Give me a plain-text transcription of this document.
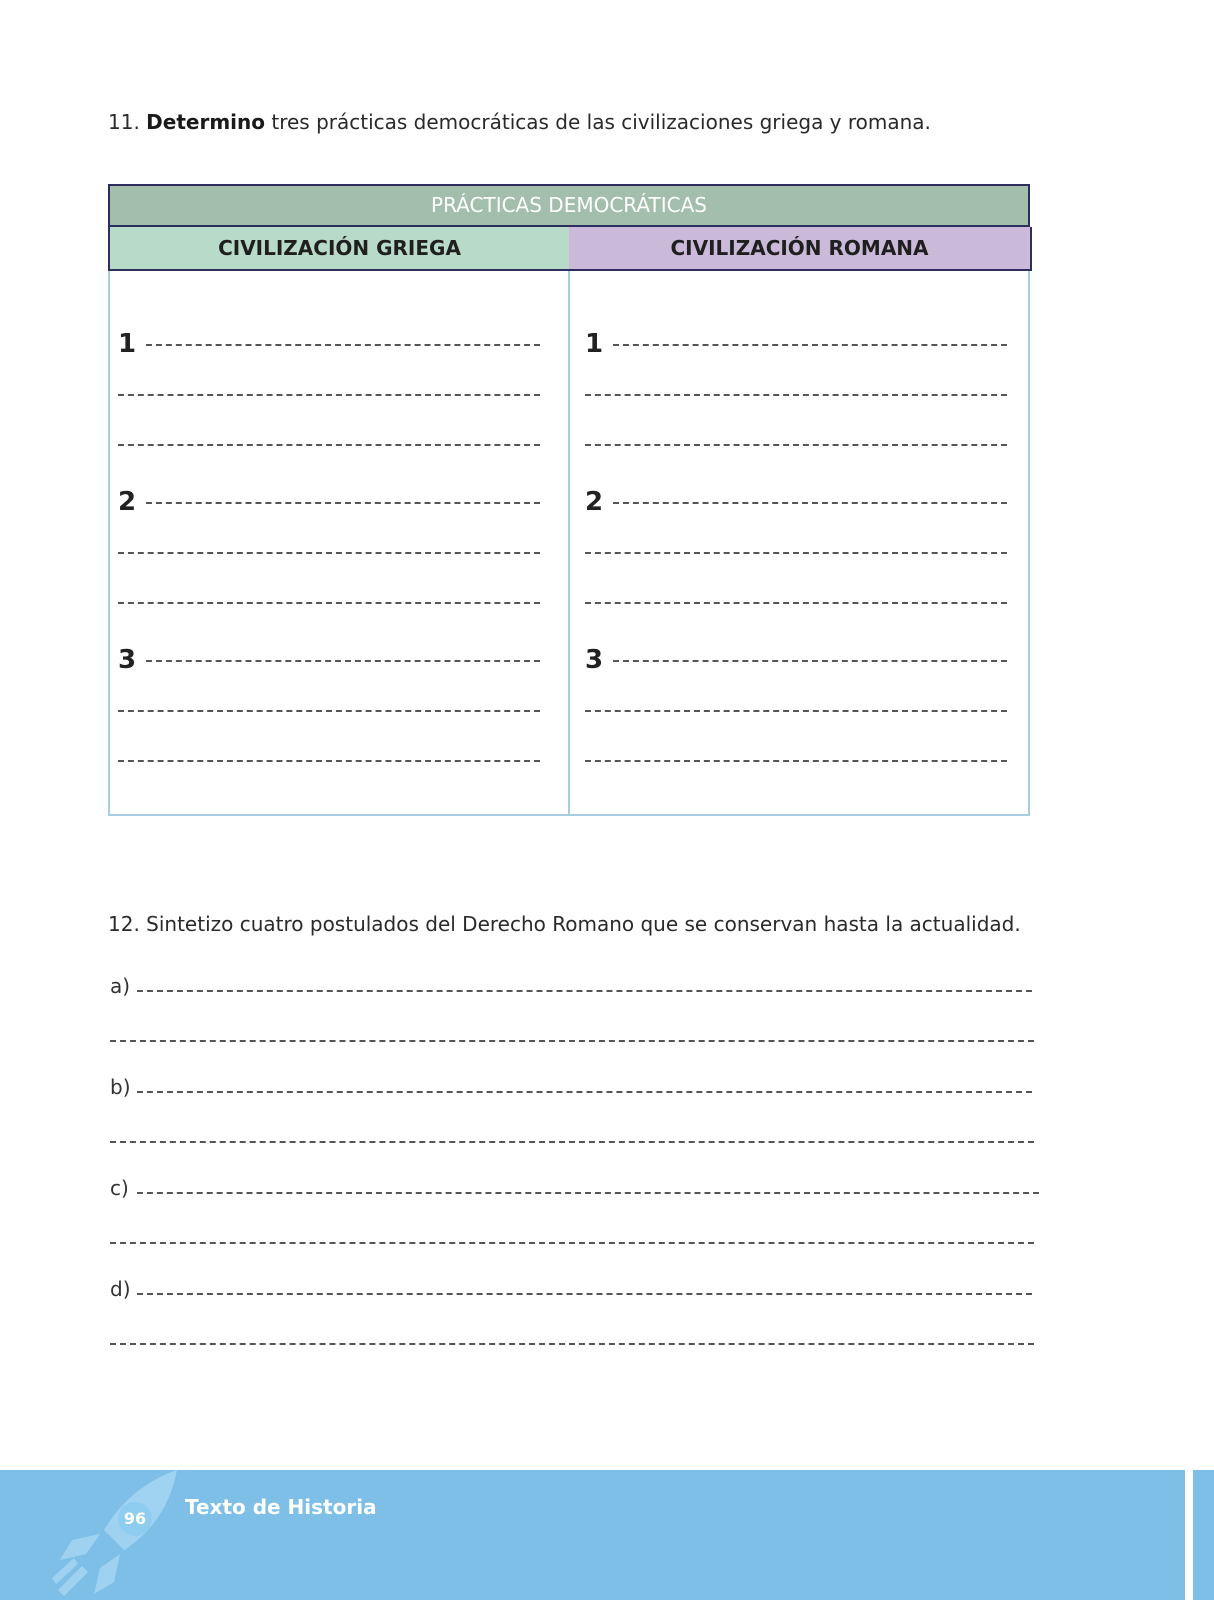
11. Determino tres prácticas democráticas de las civilizaciones griega y romana.
PRÁCTICAS DEMOCRÁTICAS
CIVILIZACIÓN GRIEGA	CIVILIZACIÓN ROMANA
1
2
3
1
2
3
12. Sintetizo cuatro postulados del Derecho Romano que se conservan hasta la actualidad.
a)
b)
c)
d)
96 Texto de Historia
